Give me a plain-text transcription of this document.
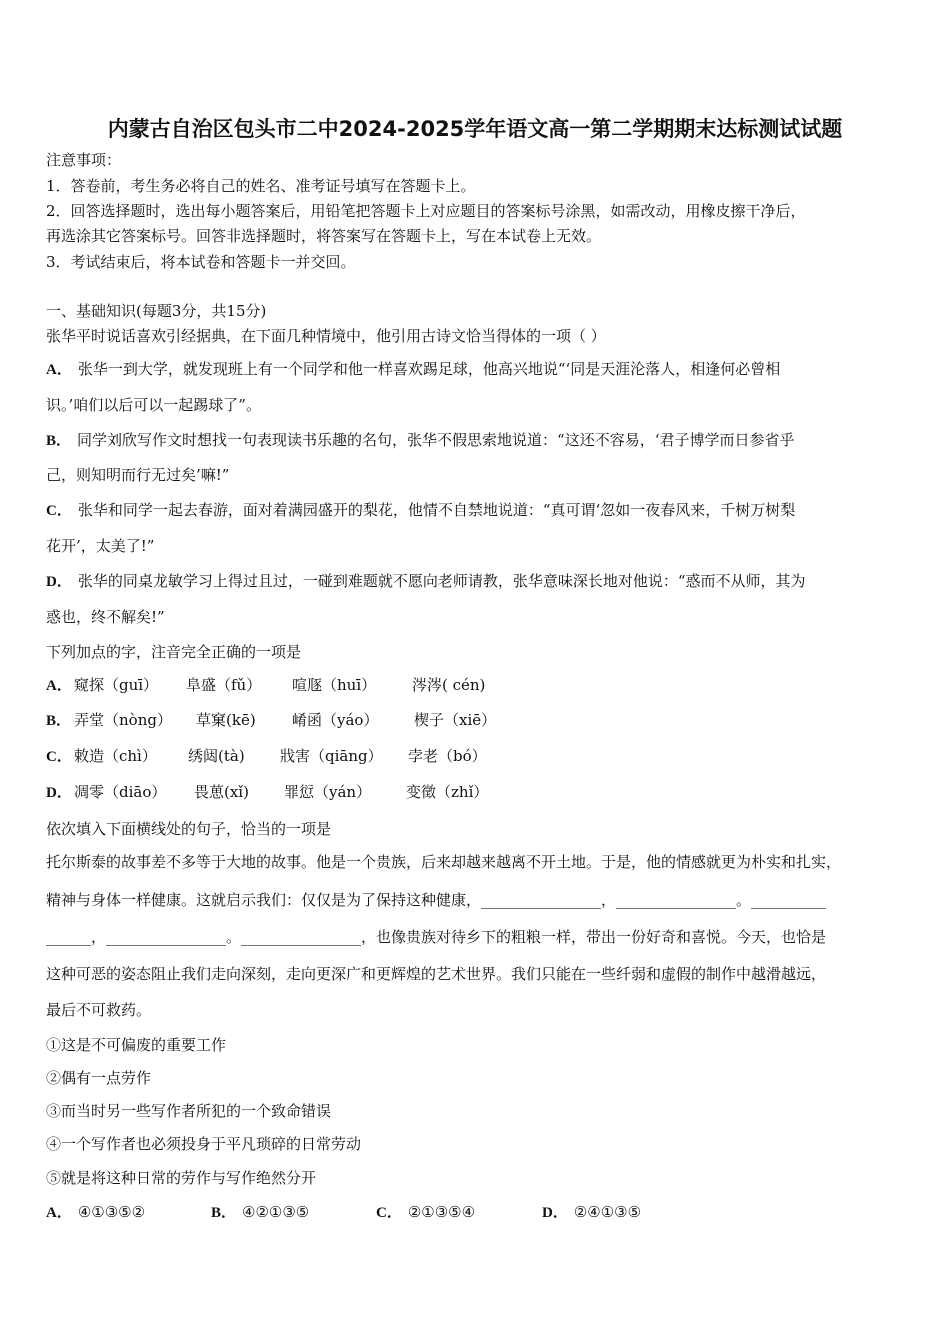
内蒙古自治区包头市二中2024-2025学年语文高一第二学期期末达标测试试题
注意事项：
1．答卷前，考生务必将自己的姓名、准考证号填写在答题卡上。
2．回答选择题时，选出每小题答案后，用铅笔把答题卡上对应题目的答案标号涂黑，如需改动，用橡皮擦干净后，
再选涂其它答案标号。回答非选择题时，将答案写在答题卡上，写在本试卷上无效。
3．考试结束后，将本试卷和答题卡一并交回。
一、基础知识(每题3分，共15分)
张华平时说话喜欢引经据典，在下面几种情境中，他引用古诗文恰当得体的一项（ ）
A． 张华一到大学，就发现班上有一个同学和他一样喜欢踢足球，他高兴地说“‘同是天涯沦落人，相逢何必曾相
识。’咱们以后可以一起踢球了”。
B． 同学刘欣写作文时想找一句表现读书乐趣的名句，张华不假思索地说道：“这还不容易，‘君子博学而日参省乎
己，则知明而行无过矣’嘛!”
C． 张华和同学一起去春游，面对着满园盛开的梨花，他情不自禁地说道：“真可谓‘忽如一夜春风来，千树万树梨
花开’，太美了!”
D． 张华的同桌龙敏学习上得过且过，一碰到难题就不愿向老师请教，张华意味深长地对他说：“惑而不从师，其为
惑也，终不解矣!”
下列加点的字，注音完全正确的一项是
A． 窥探（guī） 阜盛（fǔ） 喧豗（huī） 涔涔( cén)
B． 弄堂（nòng） 草窠(kē) 崤函（yáo） 楔子（xiē）
C． 敕造（chì） 绣闼(tà) 戕害（qiāng） 孛老（bó）
D． 凋零（diāo） 畏葸(xǐ) 罪愆（yán） 变徵（zhǐ）
依次填入下面横线处的句子，恰当的一项是
托尔斯泰的故事差不多等于大地的故事。他是一个贵族，后来却越来越离不开土地。于是，他的情感就更为朴实和扎实，
精神与身体一样健康。这就启示我们：仅仅是为了保持这种健康，________________，________________。__________
______，________________。________________，也像贵族对待乡下的粗粮一样，带出一份好奇和喜悦。今天，也恰是
这种可恶的姿态阻止我们走向深刻，走向更深广和更辉煌的艺术世界。我们只能在一些纤弱和虚假的制作中越滑越远，
最后不可救药。
①这是不可偏废的重要工作
②偶有一点劳作
③而当时另一些写作者所犯的一个致命错误
④一个写作者也必须投身于平凡琐碎的日常劳动
⑤就是将这种日常的劳作与写作绝然分开
A． ④①③⑤②	B． ④②①③⑤	C． ②①③⑤④	D． ②④①③⑤
